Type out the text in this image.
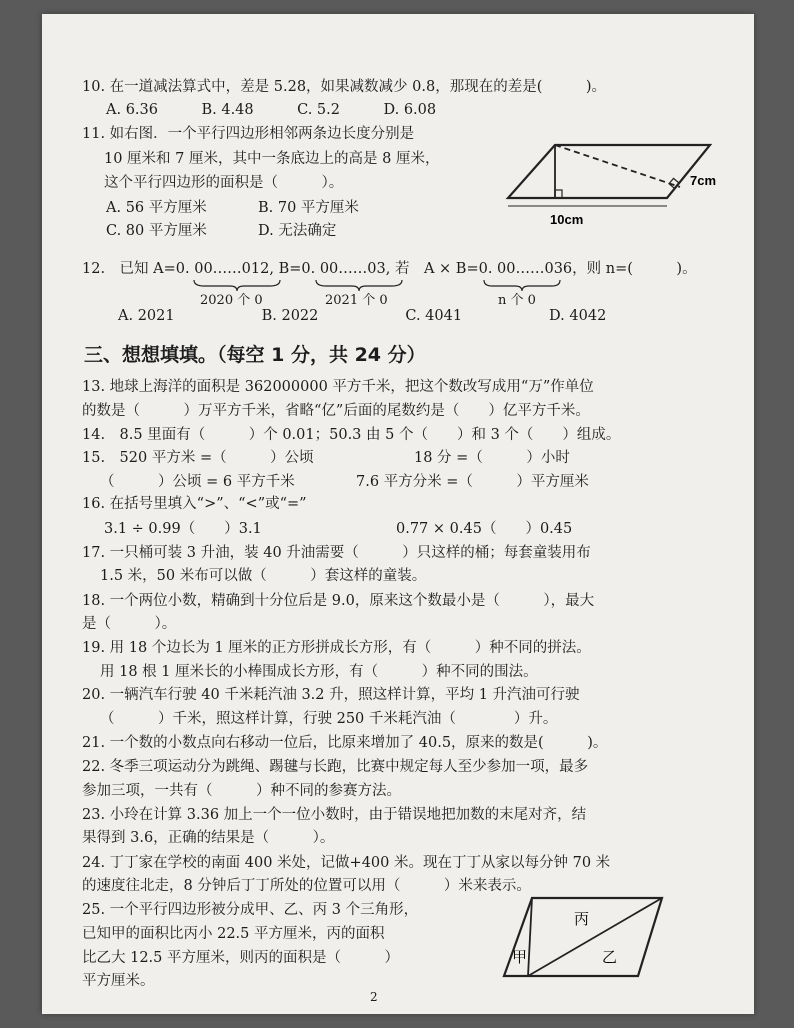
10. 在一道减法算式中，差是 5.28，如果减数减少 0.8，那现在的差是(　　　)。
A. 6.36　　　B. 4.48　　　C. 5.2　　　D. 6.08
11. 如右图．一个平行四边形相邻两条边长度分别是
10 厘米和 7 厘米，其中一条底边上的高是 8 厘米，
这个平行四边形的面积是（　　　）。
A. 56 平方厘米	B. 70 平方厘米
C. 80 平方厘米	D. 无法确定
7cm
10cm
12.　已知 A=0. 00……012, B=0. 00……03, 若　A × B=0. 00……036，则 n=(　　　)。
2020 个 0	2021 个 0	n 个 0
A. 2021　　　　　　B. 2022　　　　　　C. 4041　　　　　　D. 4042
三、想想填填。（每空 1 分，共 24 分）
13. 地球上海洋的面积是 362000000 平方千米，把这个数改写成用“万”作单位
的数是（　　　）万平方千米，省略“亿”后面的尾数约是（　　）亿平方千米。
14.　8.5 里面有（　　　）个 0.01；50.3 由 5 个（　　）和 3 个（　　）组成。
15.　520 平方米 =（　　　）公顷	18 分 =（　　　）小时
（　　　）公顷 = 6 平方千米	7.6 平方分米 =（　　　）平方厘米
16. 在括号里填入“>”、“<”或“=”
3.1 ÷ 0.99（　　）3.1	0.77 × 0.45（　　）0.45
17. 一只桶可装 3 升油，装 40 升油需要（　　　）只这样的桶；每套童装用布
1.5 米，50 米布可以做（　　　）套这样的童装。
18. 一个两位小数，精确到十分位后是 9.0，原来这个数最小是（　　　），最大
是（　　　）。
19. 用 18 个边长为 1 厘米的正方形拼成长方形，有（　　　）种不同的拼法。
用 18 根 1 厘米长的小棒围成长方形，有（　　　）种不同的围法。
20. 一辆汽车行驶 40 千米耗汽油 3.2 升，照这样计算，平均 1 升汽油可行驶
（　　　）千米，照这样计算，行驶 250 千米耗汽油（　　　　）升。
21. 一个数的小数点向右移动一位后，比原来增加了 40.5，原来的数是(　　　)。
22. 冬季三项运动分为跳绳、踢毽与长跑，比赛中规定每人至少参加一项，最多
参加三项，一共有（　　　）种不同的参赛方法。
23. 小玲在计算 3.36 加上一个一位小数时，由于错误地把加数的末尾对齐，结
果得到 3.6，正确的结果是（　　　）。
24. 丁丁家在学校的南面 400 米处，记做+400 米。现在丁丁从家以每分钟 70 米
的速度往北走，8 分钟后丁丁所处的位置可以用（　　　）米来表示。
25. 一个平行四边形被分成甲、乙、丙 3 个三角形，
已知甲的面积比丙小 22.5 平方厘米，丙的面积
比乙大 12.5 平方厘米，则丙的面积是（　　　）
平方厘米。
丙
甲	乙
2
